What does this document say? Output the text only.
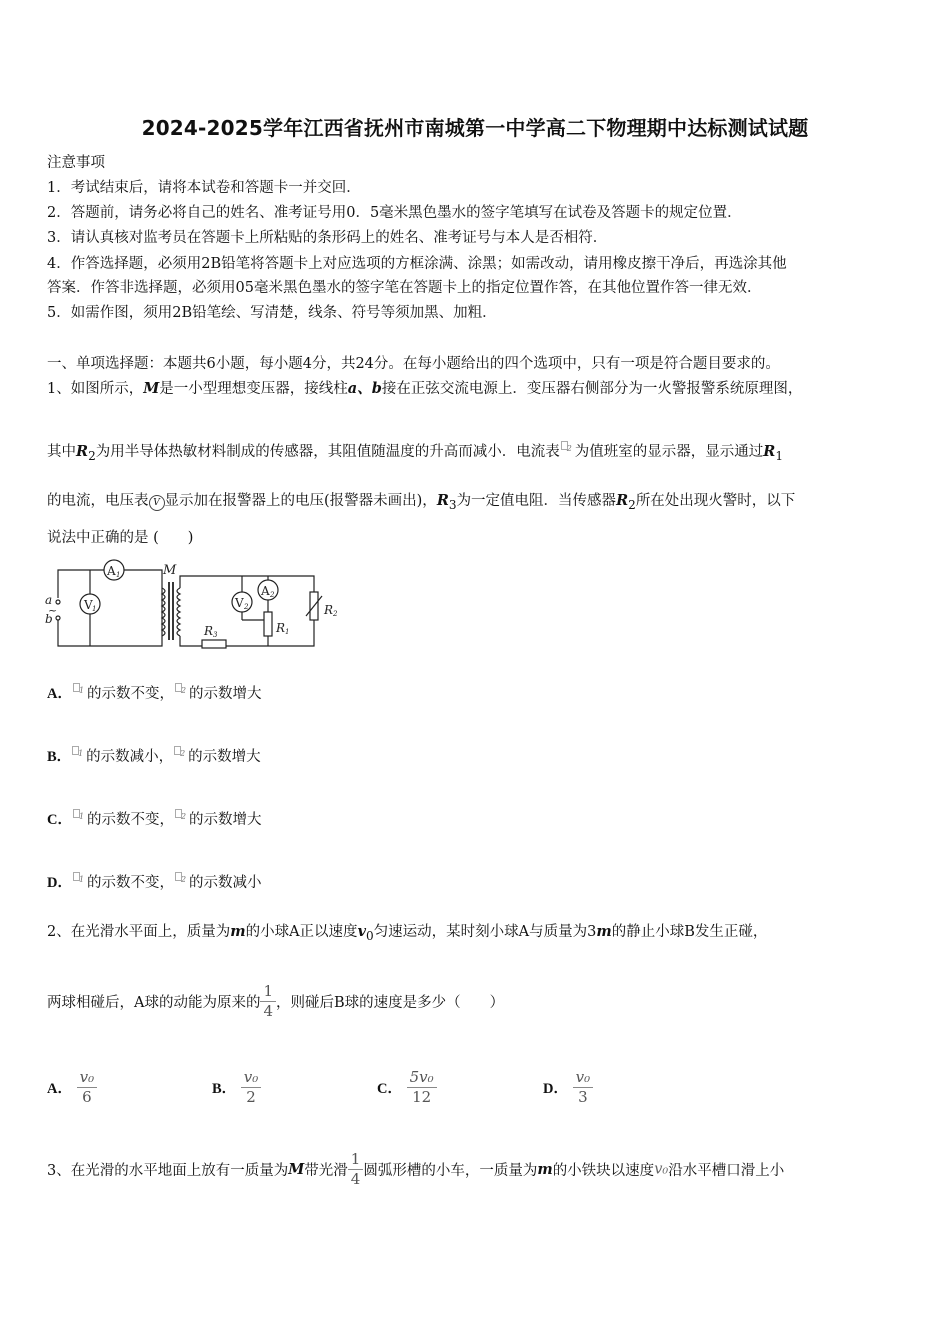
2024-2025学年江西省抚州市南城第一中学高二下物理期中达标测试试题
注意事项
1．考试结束后，请将本试卷和答题卡一并交回．
2．答题前，请务必将自己的姓名、准考证号用0．5毫米黑色墨水的签字笔填写在试卷及答题卡的规定位置．
3．请认真核对监考员在答题卡上所粘贴的条形码上的姓名、准考证号与本人是否相符．
4．作答选择题，必须用2B铅笔将答题卡上对应选项的方框涂满、涂黑；如需改动，请用橡皮擦干净后，再选涂其他
答案．作答非选择题，必须用05毫米黑色墨水的签字笔在答题卡上的指定位置作答，在其他位置作答一律无效．
5．如需作图，须用2B铅笔绘、写清楚，线条、符号等须加黑、加粗．
一、单项选择题：本题共6小题，每小题4分，共24分。在每小题给出的四个选项中，只有一项是符合题目要求的。
1、如图所示，M是一小型理想变压器，接线柱a、b接在正弦交流电源上．变压器右侧部分为一火警报警系统原理图，
其中$R_2$为用半导体热敏材料制成的传感器，其阻值随温度的升高而减小．电流表 2 为值班室的显示器，显示通过$R_1$
的电流，电压表 V 显示加在报警器上的电压(报警器未画出)，$R_3$为一定值电阻．当传感器$R_2$所在处出现火警时，以下
说法中正确的是 (　　)
a
b
~ V 1
A 1	M
R 3
V 2
A 2
R 1
R 2
A． 1 的示数不变， 2 的示数增大
B． 1 的示数减小， 2 的示数增大
C． 1 的示数不变， 2 的示数增大
D． 1 的示数不变， 2 的示数减小
2、在光滑水平面上，质量为m的小球A正以速度$v_0$匀速运动，某时刻小球A与质量为3m的静止小球B发生正碰，
两球相碰后，A球的动能为原来的 $\frac{1}{4}$ ，则碰后B球的速度是多少（　　）
A． $\frac{\text{v₀}}{6}$	B． $\frac{\text{v₀}}{2}$	C． $\frac{\text{5v₀}}{12}$	D． $\frac{\text{v₀}}{3}$
3、在光滑的水平地面上放有一质量为M带光滑 $\frac{1}{4}$ 圆弧形槽的小车，一质量为m的小铁块以速度v₀沿水平槽口滑上小
